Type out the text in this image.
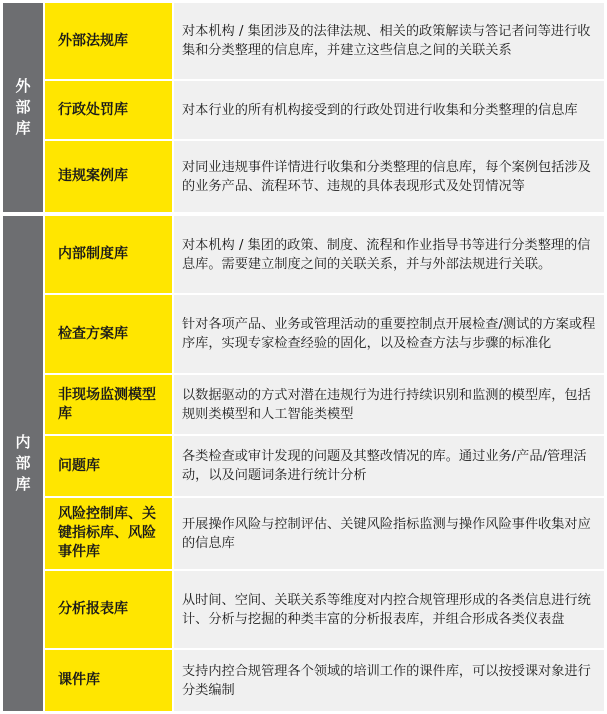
外部库
内部库
外部法规库
对本机构 / 集团涉及的法律法规、相关的政策解读与答记者问等进行收集和分类整理的信息库，并建立这些信息之间的关联关系
行政处罚库	对本行业的所有机构接受到的行政处罚进行收集和分类整理的信息库
违规案例库
对同业违规事件详情进行收集和分类整理的信息库，每个案例包括涉及的业务产品、流程环节、违规的具体表现形式及处罚情况等
内部制度库
对本机构 / 集团的政策、制度、流程和作业指导书等进行分类整理的信息库。需要建立制度之间的关联关系，并与外部法规进行关联。
检查方案库
针对各项产品、业务或管理活动的重要控制点开展检查/测试的方案或程序库，实现专家检查经验的固化，以及检查方法与步骤的标准化
非现场监测模型库
以数据驱动的方式对潜在违规行为进行持续识别和监测的模型库，包括规则类模型和人工智能类模型
问题库
各类检查或审计发现的问题及其整改情况的库。通过业务/产品/管理活动，以及问题词条进行统计分析
风险控制库、关键指标库、风险事件库
开展操作风险与控制评估、关键风险指标监测与操作风险事件收集对应的信息库
分析报表库
从时间、空间、关联关系等维度对内控合规管理形成的各类信息进行统计、分析与挖掘的种类丰富的分析报表库，并组合形成各类仪表盘
课件库
支持内控合规管理各个领域的培训工作的课件库，可以按授课对象进行分类编制
